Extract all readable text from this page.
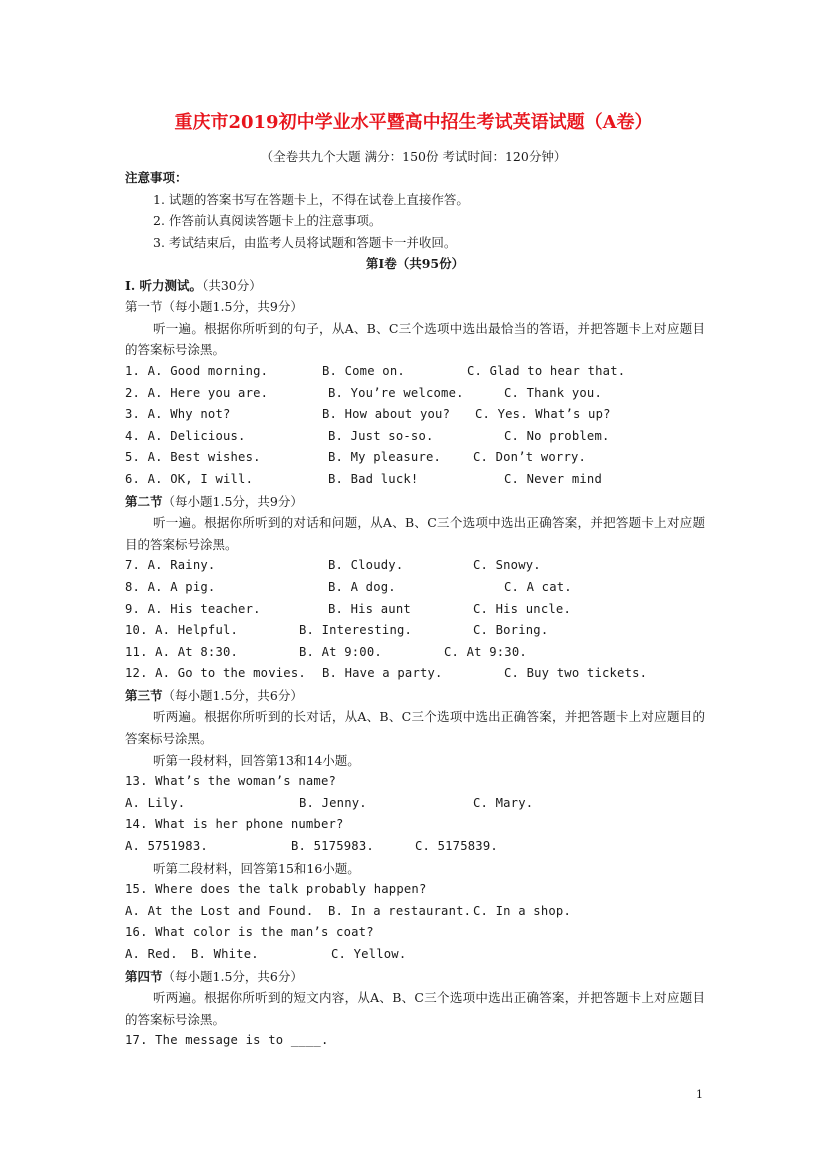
重庆市2019初中学业水平暨高中招生考试英语试题（A卷）
（全卷共九个大题 满分：150份 考试时间：120分钟）
注意事项：
1. 试题的答案书写在答题卡上，不得在试卷上直接作答。
2. 作答前认真阅读答题卡上的注意事项。
3. 考试结束后，由监考人员将试题和答题卡一并收回。
第Ⅰ卷（共95份）
I. 听力测试。（共30分）
第一节（每小题1.5分，共9分）
听一遍。根据你所听到的句子，从A、B、C三个选项中选出最恰当的答语，并把答题卡上对应题目的答案标号涂黑。
1. A. Good morning.	B. Come on.	C. Glad to hear that.
2. A. Here you are.	B. You’re welcome.	C. Thank you.
3. A. Why not?	B. How about you?	C. Yes. What’s up?
4. A. Delicious.	B. Just so-so.	C. No problem.
5. A. Best wishes.	B. My pleasure.	C. Don’t worry.
6. A. OK, I will.	B. Bad luck!	C. Never mind
第二节（每小题1.5分，共9分）
听一遍。根据你所听到的对话和问题，从A、B、C三个选项中选出正确答案，并把答题卡上对应题目的答案标号涂黑。
7. A. Rainy.	B. Cloudy.	C. Snowy.
8. A. A pig.	B. A dog.	C. A cat.
9. A. His teacher.	B. His aunt	C. His uncle.
10. A. Helpful.	B. Interesting.	C. Boring.
11. A. At 8:30.	B. At 9:00.	C. At 9:30.
12. A. Go to the movies.	B. Have a party.	C. Buy two tickets.
第三节（每小题1.5分，共6分）
听两遍。根据你所听到的长对话，从A、B、C三个选项中选出正确答案，并把答题卡上对应题目的答案标号涂黑。
听第一段材料，回答第13和14小题。
13. What’s the woman’s name?
A. Lily.	B. Jenny.	C. Mary.
14. What is her phone number?
A. 5751983.	B. 5175983.	C. 5175839.
听第二段材料，回答第15和16小题。
15. Where does the talk probably happen?
A. At the Lost and Found.	B. In a restaurant. C. In a shop.
16. What color is the man’s coat?
A. Red.	B. White.	C. Yellow.
第四节（每小题1.5分，共6分）
听两遍。根据你所听到的短文内容，从A、B、C三个选项中选出正确答案，并把答题卡上对应题目的答案标号涂黑。
17. The message is to ____.
1
